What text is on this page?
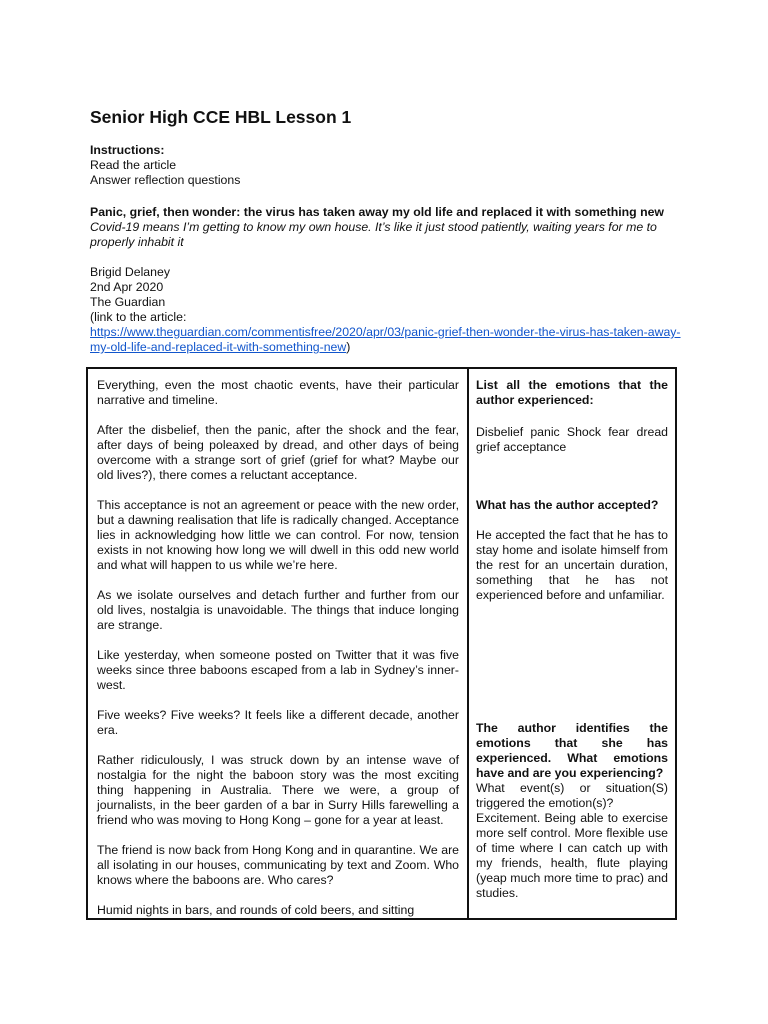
Senior High CCE HBL Lesson 1

Instructions:

Read the article

Answer reflection questions

Panic, grief, then wonder: the virus has taken away my old life and replaced it with something new

Covid-19 means I’m getting to know my own house. It’s like it just stood patiently, waiting years for me to properly inhabit it

Brigid Delaney

2nd Apr 2020

The Guardian

(link to the article:

https://www.theguardian.com/commentisfree/2020/apr/03/panic-grief-then-wonder-the-virus-has-taken-away-my-old-life-and-replaced-it-with-something-new)

Everything, even the most chaotic events, have their particular narrative and timeline.

After the disbelief, then the panic, after the shock and the fear, after days of being poleaxed by dread, and other days of being overcome with a strange sort of grief (grief for what? Maybe our old lives?), there comes a reluctant acceptance.

This acceptance is not an agreement or peace with the new order, but a dawning realisation that life is radically changed. Acceptance lies in acknowledging how little we can control. For now, tension exists in not knowing how long we will dwell in this odd new world and what will happen to us while we’re here.

As we isolate ourselves and detach further and further from our old lives, nostalgia is unavoidable. The things that induce longing are strange.

Like yesterday, when someone posted on Twitter that it was five weeks since three baboons escaped from a lab in Sydney’s inner-west.

Five weeks? Five weeks? It feels like a different decade, another era.

Rather ridiculously, I was struck down by an intense wave of nostalgia for the night the baboon story was the most exciting thing happening in Australia. There we were, a group of journalists, in the beer garden of a bar in Surry Hills farewelling a friend who was moving to Hong Kong – gone for a year at least.

The friend is now back from Hong Kong and in quarantine. We are all isolating in our houses, communicating by text and Zoom. Who knows where the baboons are. Who cares?

Humid nights in bars, and rounds of cold beers, and sitting

List all the emotions that the author experienced:
Disbelief panic Shock fear dread grief acceptance
What has the author accepted?
He accepted the fact that he has to stay home and isolate himself from the rest for an uncertain duration, something that he has not experienced before and unfamiliar.
The author identifies the emotions that she has experienced. What emotions have and are you experiencing?
What event(s) or situation(S) triggered the emotion(s)?
Excitement. Being able to exercise more self control. More flexible use of time where I can catch up with my friends, health, flute playing (yeap much more time to prac) and studies.
